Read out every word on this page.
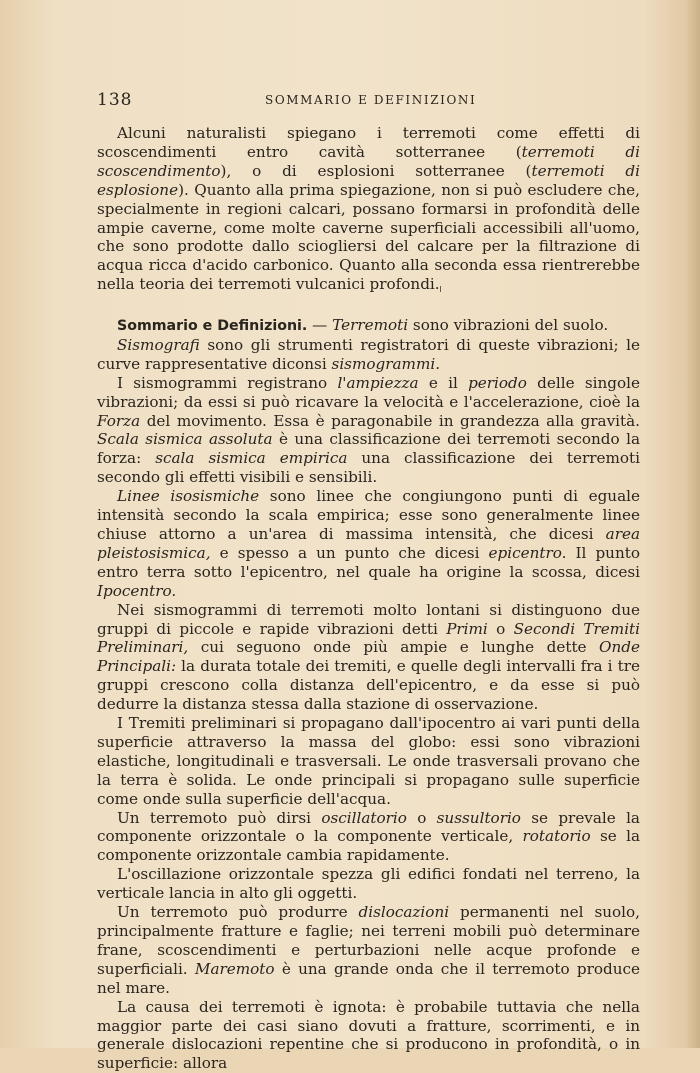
138	SOMMARIO E DEFINIZIONI

Alcuni naturalisti spiegano i terremoti come effetti di scoscendimenti entro cavità sotterranee (terremoti di scoscendimento), o di esplosioni sotterranee (terremoti di esplosione). Quanto alla prima spiegazione, non si può escludere che, specialmente in regioni calcari, possano formarsi in profondità delle ampie caverne, come molte caverne superficiali accessibili all'uomo, che sono prodotte dallo sciogliersi del calcare per la filtrazione di acqua ricca d'acido carbonico. Quanto alla seconda essa rientrerebbe nella teoria dei terremoti vulcanici profondi.

Sommario e Definizioni. — Terremoti sono vibrazioni del suolo.

Sismografi sono gli strumenti registratori di queste vibrazioni; le curve rappresentative diconsi sismogrammi.

I sismogrammi registrano l'ampiezza e il periodo delle singole vibrazioni; da essi si può ricavare la velocità e l'accelerazione, cioè la Forza del movimento. Essa è paragonabile in grandezza alla gravità. Scala sismica assoluta è una classificazione dei terremoti secondo la forza: scala sismica empirica una classificazione dei terremoti secondo gli effetti visibili e sensibili.

Linee isosismiche sono linee che congiungono punti di eguale intensità secondo la scala empirica; esse sono generalmente linee chiuse attorno a un'area di massima intensità, che dicesi area pleistosismica, e spesso a un punto che dicesi epicentro. Il punto entro terra sotto l'epicentro, nel quale ha origine la scossa, dicesi Ipocentro.

Nei sismogrammi di terremoti molto lontani si distinguono due gruppi di piccole e rapide vibrazioni detti Primi o Secondi Tremiti Preliminari, cui seguono onde più ampie e lunghe dette Onde Principali: la durata totale dei tremiti, e quelle degli intervalli fra i tre gruppi crescono colla distanza dell'epicentro, e da esse si può dedurre la distanza stessa dalla stazione di osservazione.

I Tremiti preliminari si propagano dall'ipocentro ai vari punti della superficie attraverso la massa del globo: essi sono vibrazioni elastiche, longitudinali e trasversali. Le onde trasversali provano che la terra è solida. Le onde principali si propagano sulle superficie come onde sulla superficie dell'acqua.

Un terremoto può dirsi oscillatorio o sussultorio se prevale la componente orizzontale o la componente verticale, rotatorio se la componente orizzontale cambia rapidamente.

L'oscillazione orizzontale spezza gli edifici fondati nel terreno, la verticale lancia in alto gli oggetti.

Un terremoto può produrre dislocazioni permanenti nel suolo, principalmente fratture e faglie; nei terreni mobili può determinare frane, scoscendimenti e perturbazioni nelle acque profonde e superficiali. Maremoto è una grande onda che il terremoto produce nel mare.

La causa dei terremoti è ignota: è probabile tuttavia che nella maggior parte dei casi siano dovuti a fratture, scorrimenti, e in generale dislocazioni repentine che si producono in profondità, o in superficie: allora
